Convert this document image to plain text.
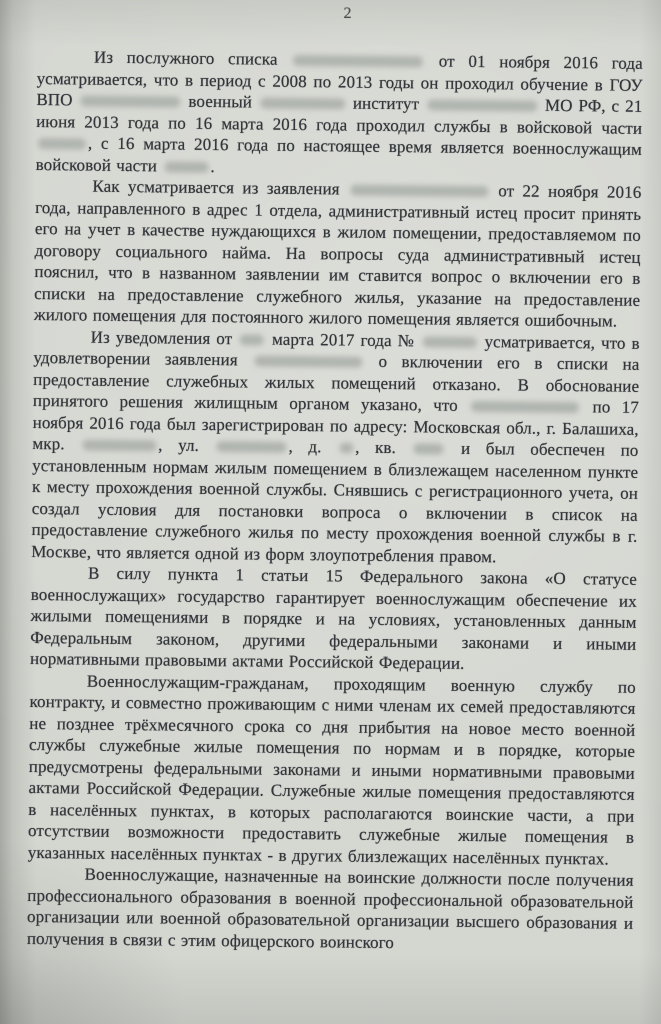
2

Из послужного списка	от 01 ноября 2016 года усматривается, что в период с 2008 по 2013 годы он проходил обучение в ГОУ ВПО	военный	институт	МО РФ, с 21 июня 2013 года по 16 марта 2016 года проходил службы в войсковой части , с 16 марта 2016 года по настоящее время является военнослужащим войсковой части	.

Как усматривается из заявления	от 22 ноября 2016 года, направленного в адрес 1 отдела, административный истец просит принять его на учет в качестве нуждающихся в жилом помещении, предоставляемом по договору социального найма. На вопросы суда административный истец пояснил, что в названном заявлении им ставится вопрос о включении его в списки на предоставление служебного жилья, указание на предоставление жилого помещения для постоянного жилого помещения является ошибочным.

Из уведомления от  марта 2017 года №	усматривается, что в удовлетворении заявления	о включении его в списки на предоставление служебных жилых помещений отказано. В обоснование принятого решения жилищным органом указано, что	по 17 ноября 2016 года был зарегистрирован по адресу: Московская обл., г. Балашиха, мкр.	, ул.	, д. , кв.  и был обеспечен по установленным нормам жилым помещением в близлежащем населенном пункте к месту прохождения военной службы. Снявшись с регистрационного учета, он создал условия для постановки вопроса о включении в список на предоставление служебного жилья по месту прохождения военной службы в г. Москве, что является одной из форм злоупотребления правом.

В силу пункта 1 статьи 15 Федерального закона «О статусе военнослужащих» государство гарантирует военнослужащим обеспечение их жилыми помещениями в порядке и на условиях, установленных данным Федеральным законом, другими федеральными законами и иными нормативными правовыми актами Российской Федерации.

Военнослужащим-гражданам, проходящим военную службу по контракту, и совместно проживающим с ними членам их семей предоставляются не позднее трёхмесячного срока со дня прибытия на новое место военной службы служебные жилые помещения по нормам и в порядке, которые предусмотрены федеральными законами и иными нормативными правовыми актами Российской Федерации. Служебные жилые помещения предоставляются в населённых пунктах, в которых располагаются воинские части, а при отсутствии возможности предоставить служебные жилые помещения в указанных населённых пунктах - в других близлежащих населённых пунктах.

Военнослужащие, назначенные на воинские должности после получения профессионального образования в военной профессиональной образовательной организации или военной образовательной организации высшего образования и получения в связи с этим офицерского воинского
